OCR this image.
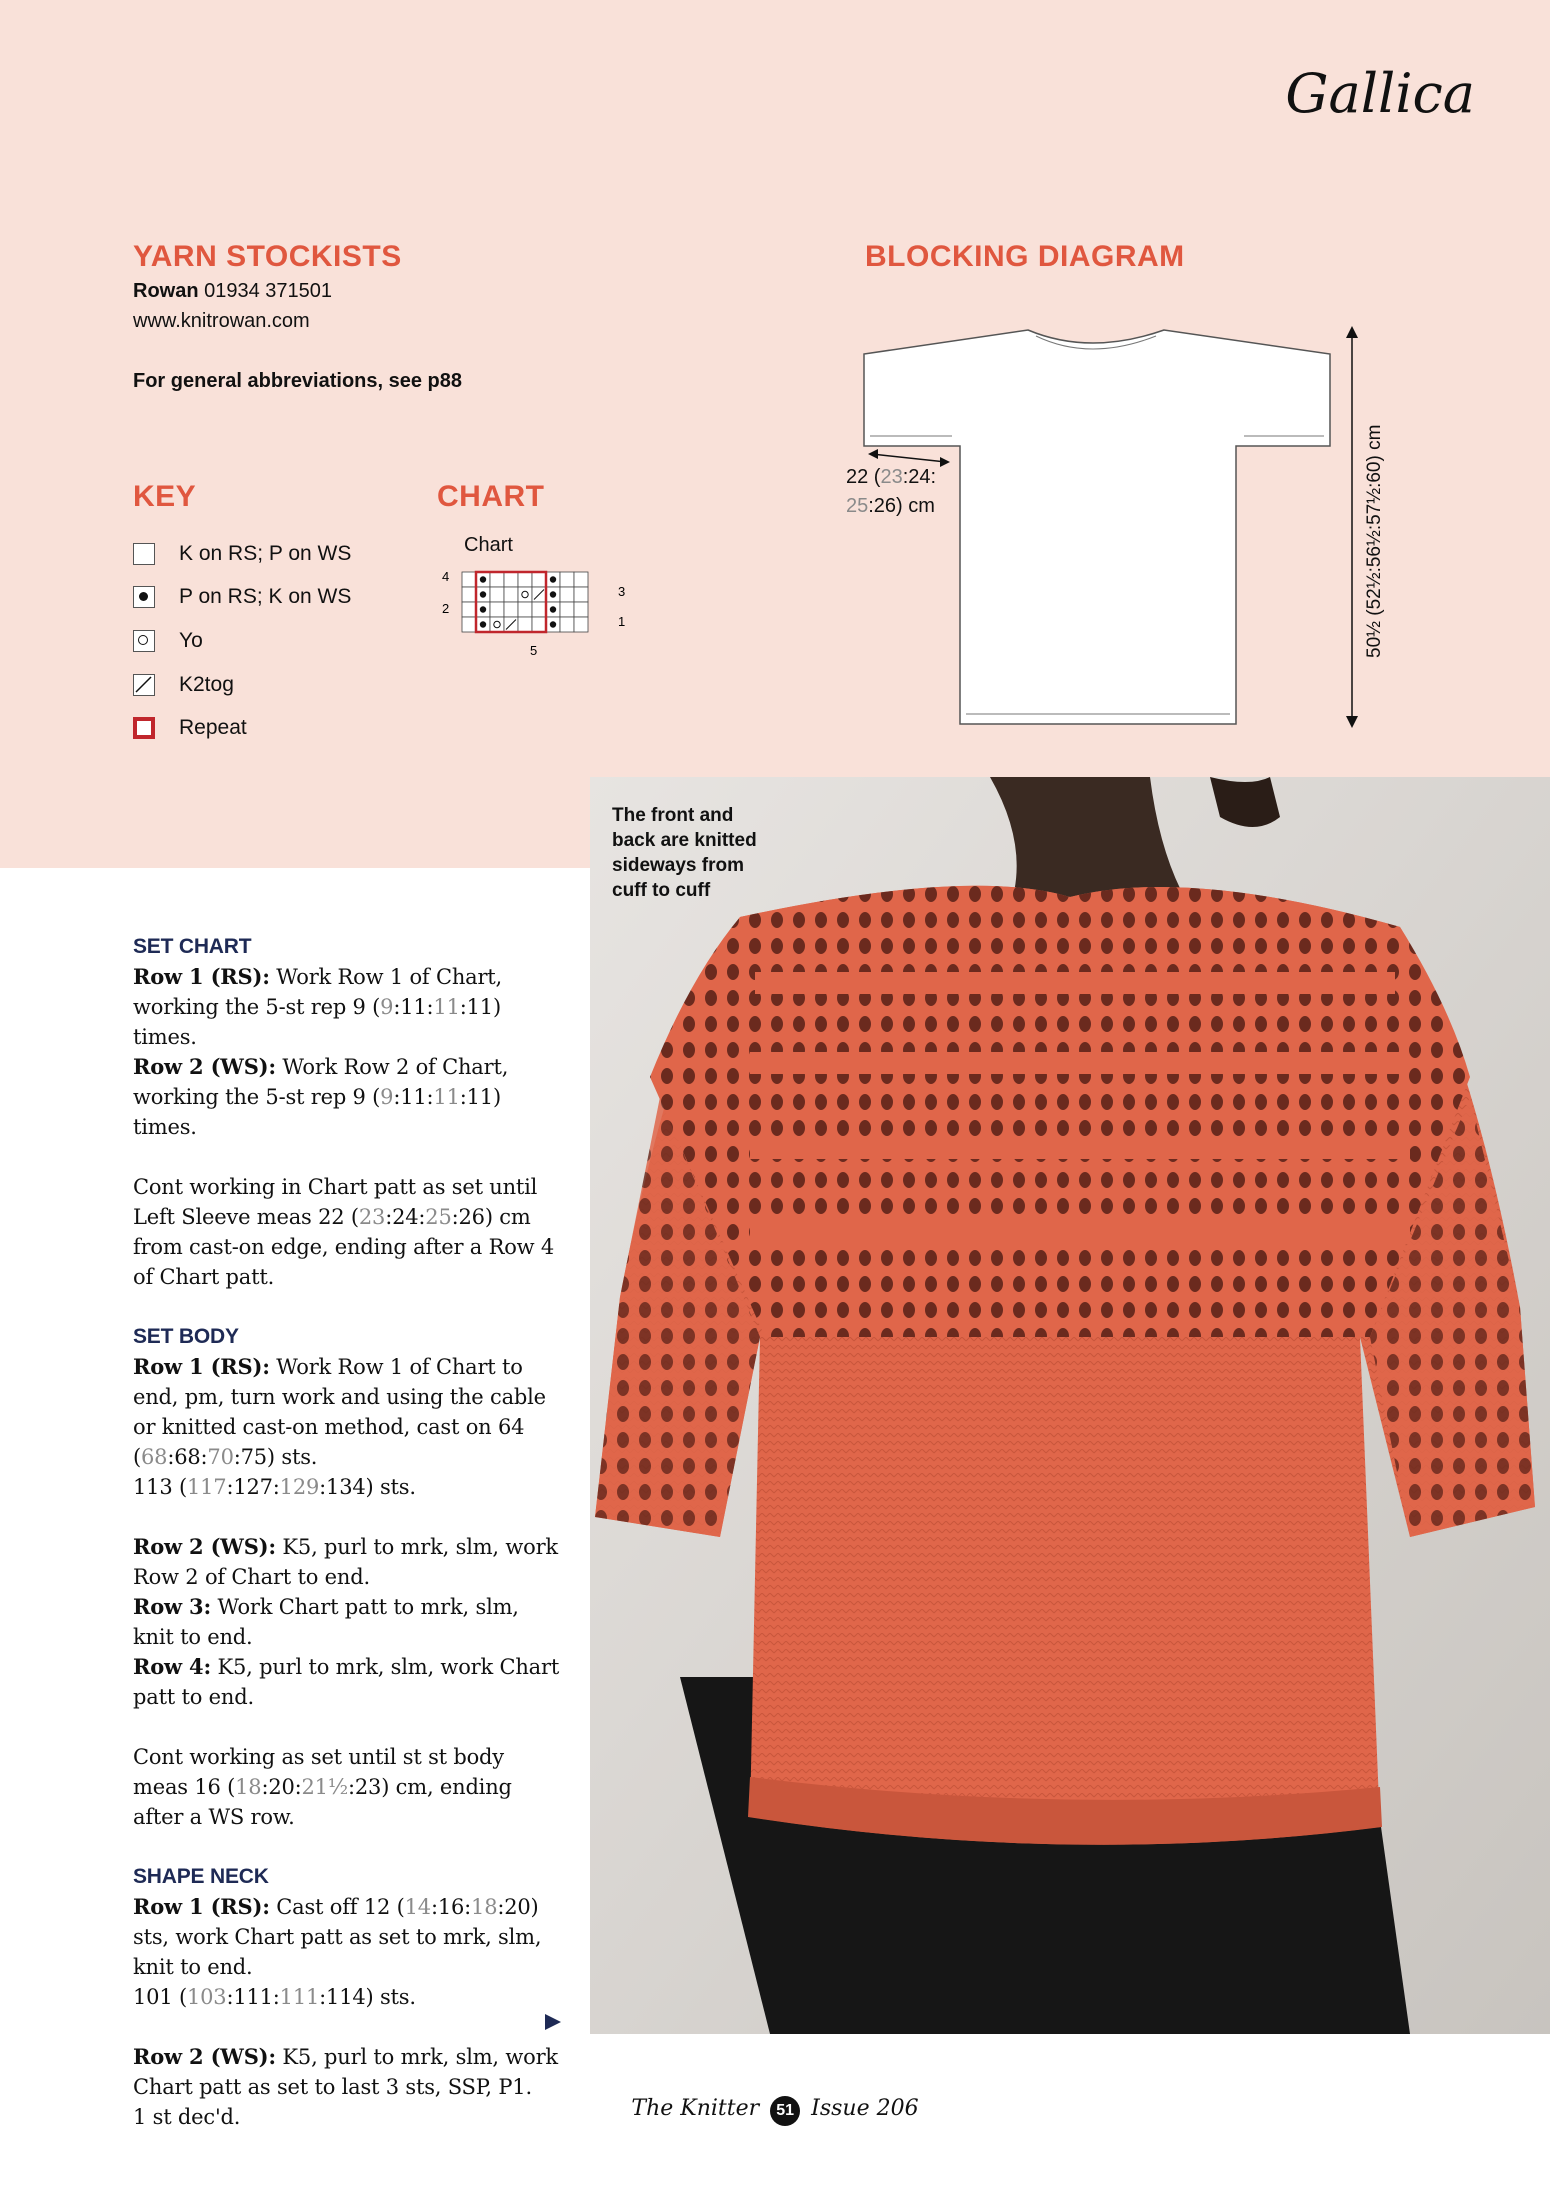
Gallica
YARN STOCKISTS
Rowan 01934 371501
www.knitrowan.com
For general abbreviations, see p88
KEY
K on RS; P on WS
P on RS; K on WS
Yo
K2tog
Repeat
CHART
Chart
4
2
3
1
5
BLOCKING DIAGRAM
50½ (52½:56½:57½:60) cm
22 (23:24:
25:26) cm
The front and back are knitted sideways from cuff to cuff
SET CHART

Row 1 (RS): Work Row 1 of Chart, working the 5-st rep 9 (9:11:11:11) times.
Row 2 (WS): Work Row 2 of Chart, working the 5-st rep 9 (9:11:11:11) times.

Cont working in Chart patt as set until Left Sleeve meas 22 (23:24:25:26) cm from cast-on edge, ending after a Row 4 of Chart patt.

SET BODY

Row 1 (RS): Work Row 1 of Chart to end, pm, turn work and using the cable or knitted cast-on method, cast on 64 (68:68:70:75) sts.
113 (117:127:129:134) sts.

Row 2 (WS): K5, purl to mrk, slm, work Row 2 of Chart to end.
Row 3: Work Chart patt to mrk, slm, knit to end.
Row 4: K5, purl to mrk, slm, work Chart patt to end.

Cont working as set until st st body meas 16 (18:20:21½:23) cm, ending after a WS row.

SHAPE NECK

Row 1 (RS): Cast off 12 (14:16:18:20) sts, work Chart patt as set to mrk, slm, knit to end.
101 (103:111:111:114) sts.

Row 2 (WS): K5, purl to mrk, slm, work Chart patt as set to last 3 sts, SSP, P1.
1 st dec'd.	The Knitter 51 Issue 206
